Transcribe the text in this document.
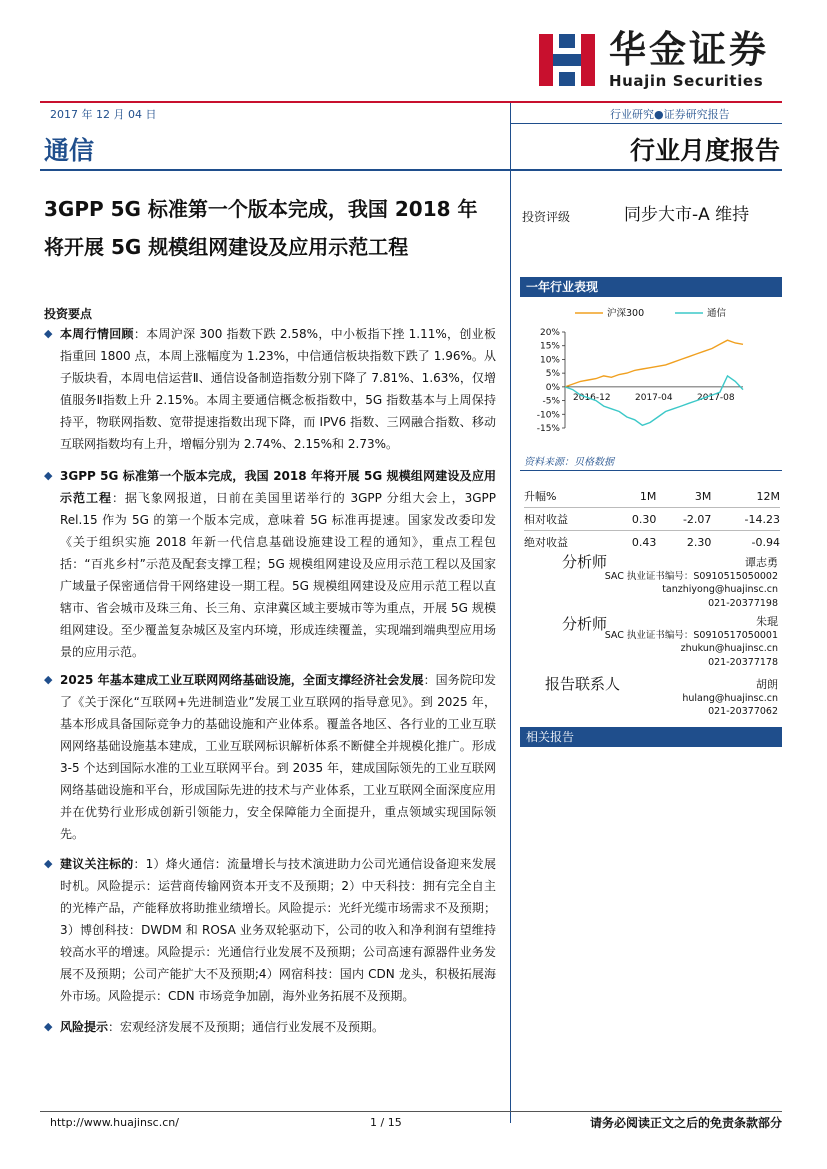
华金证券
Huajin Securities
2017 年 12 月 04 日	行业研究●证券研究报告
通信	行业月度报告
3GPP 5G 标准第一个版本完成，我国 2018 年
将开展 5G 规模组网建设及应用示范工程
投资要点
◆ 本周行情回顾：本周沪深 300 指数下跌 2.58%，中小板指下挫 1.11%，创业板指重回 1800 点，本周上涨幅度为 1.23%，中信通信板块指数下跌了 1.96%。从子版块看，本周电信运营Ⅱ、通信设备制造指数分别下降了 7.81%、1.63%，仅增值服务Ⅱ指数上升 2.15%。本周主要通信概念板指数中，5G 指数基本与上周保持持平，物联网指数、宽带提速指数出现下降，而 IPV6 指数、三网融合指数、移动互联网指数均有上升，增幅分别为 2.74%、2.15%和 2.73%。
◆ 3GPP 5G 标准第一个版本完成，我国 2018 年将开展 5G 规模组网建设及应用示范工程：据飞象网报道，日前在美国里诺举行的 3GPP 分组大会上，3GPP Rel.15 作为 5G 的第一个版本完成，意味着 5G 标准再提速。国家发改委印发《关于组织实施 2018 年新一代信息基础设施建设工程的通知》，重点工程包括：“百兆乡村”示范及配套支撑工程；5G 规模组网建设及应用示范工程以及国家广域量子保密通信骨干网络建设一期工程。5G 规模组网建设及应用示范工程以直辖市、省会城市及珠三角、长三角、京津冀区域主要城市等为重点，开展 5G 规模组网建设。至少覆盖复杂城区及室内环境，形成连续覆盖，实现端到端典型应用场景的应用示范。
◆ 2025 年基本建成工业互联网网络基础设施，全面支撑经济社会发展：国务院印发了《关于深化“互联网+先进制造业”发展工业互联网的指导意见》。到 2025 年，基本形成具备国际竞争力的基础设施和产业体系。覆盖各地区、各行业的工业互联网网络基础设施基本建成，工业互联网标识解析体系不断健全并规模化推广。形成 3-5 个达到国际水准的工业互联网平台。到 2035 年，建成国际领先的工业互联网网络基础设施和平台，形成国际先进的技术与产业体系，工业互联网全面深度应用并在优势行业形成创新引领能力，安全保障能力全面提升，重点领域实现国际领先。
◆ 建议关注标的：1）烽火通信：流量增长与技术演进助力公司光通信设备迎来发展时机。风险提示：运营商传输网资本开支不及预期；2）中天科技：拥有完全自主的光棒产品，产能释放将助推业绩增长。风险提示：光纤光缆市场需求不及预期；3）博创科技：DWDM 和 ROSA 业务双轮驱动下，公司的收入和净利润有望维持较高水平的增速。风险提示：光通信行业发展不及预期；公司高速有源器件业务发展不及预期；公司产能扩大不及预期;4）网宿科技：国内 CDN 龙头，积极拓展海外市场。风险提示：CDN 市场竞争加剧，海外业务拓展不及预期。
◆ 风险提示：宏观经济发展不及预期；通信行业发展不及预期。
投资评级	同步大市-A 维持
一年行业表现
20%
15%
10%
5%
0%
-5%
-10%
-15%
2016-12	2017-04	2017-08
沪深300	通信
资料来源：贝格数据
升幅%	1M	3M	12M
相对收益	0.30	-2.07	-14.23
绝对收益	0.43	2.30	-0.94
分析师	谭志勇
SAC 执业证书编号：S0910515050002
tanzhiyong@huajinsc.cn
021-20377198
分析师	朱琨
SAC 执业证书编号：S0910517050001
zhukun@huajinsc.cn
021-20377178
报告联系人	胡朗
hulang@huajinsc.cn
021-20377062
相关报告
http://www.huajinsc.cn/	1 / 15	请务必阅读正文之后的免责条款部分
